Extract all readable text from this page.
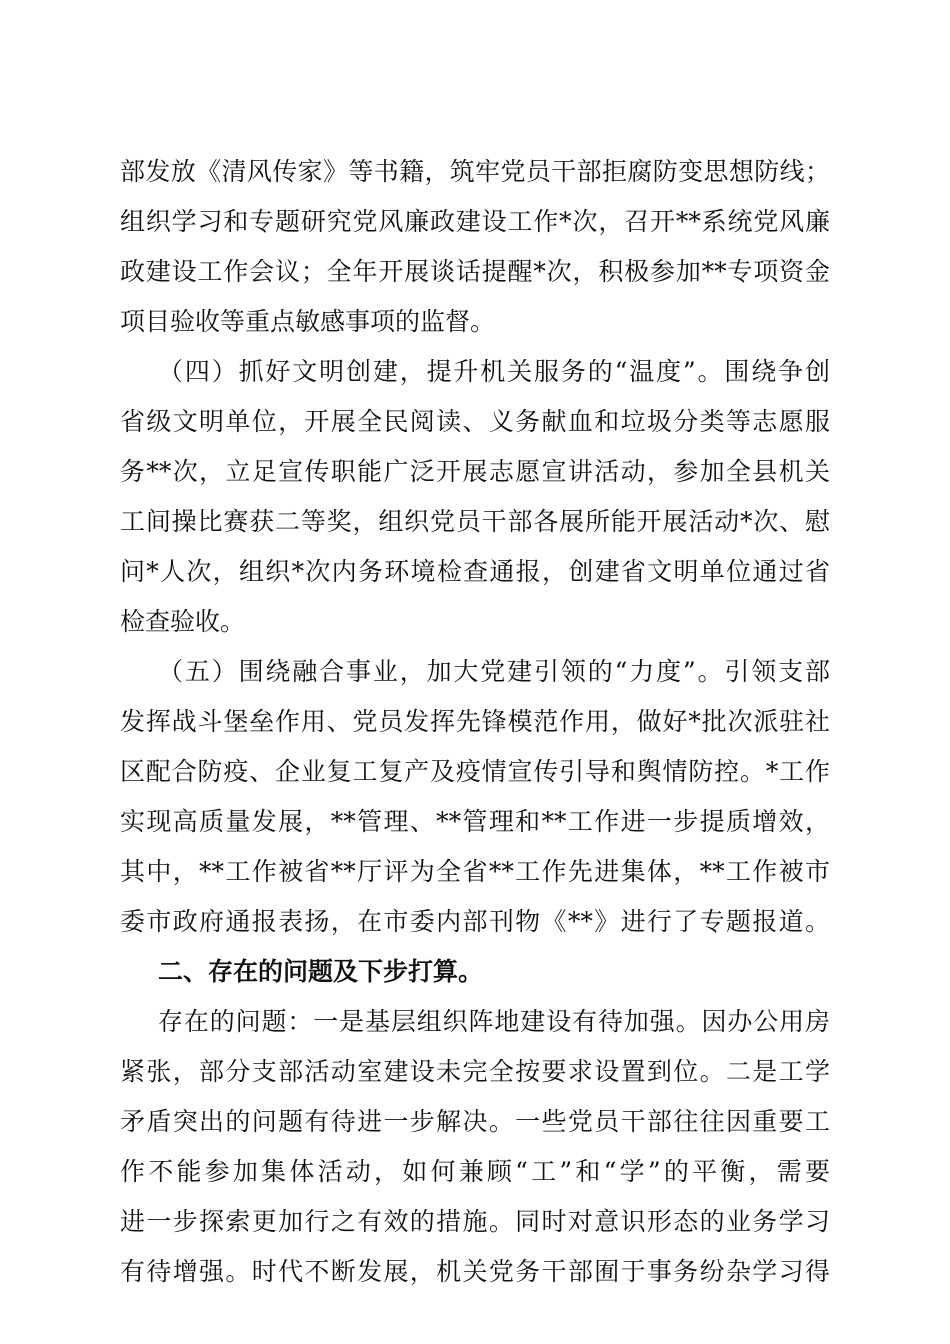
部发放《清风传家》等书籍，筑牢党员干部拒腐防变思想防线；
组织学习和专题研究党风廉政建设工作*次，召开**系统党风廉
政建设工作会议；全年开展谈话提醒*次，积极参加**专项资金
项目验收等重点敏感事项的监督。
（四）抓好文明创建，提升机关服务的“温度”。围绕争创
省级文明单位，开展全民阅读、义务献血和垃圾分类等志愿服
务**次，立足宣传职能广泛开展志愿宣讲活动，参加全县机关
工间操比赛获二等奖，组织党员干部各展所能开展活动*次、慰
问*人次，组织*次内务环境检查通报，创建省文明单位通过省
检查验收。
（五）围绕融合事业，加大党建引领的“力度”。引领支部
发挥战斗堡垒作用、党员发挥先锋模范作用，做好*批次派驻社
区配合防疫、企业复工复产及疫情宣传引导和舆情防控。*工作
实现高质量发展，**管理、**管理和**工作进一步提质增效，
其中，**工作被省**厅评为全省**工作先进集体，**工作被市
委市政府通报表扬，在市委内部刊物《**》进行了专题报道。
二、存在的问题及下步打算。
存在的问题：一是基层组织阵地建设有待加强。因办公用房
紧张，部分支部活动室建设未完全按要求设置到位。二是工学
矛盾突出的问题有待进一步解决。一些党员干部往往因重要工
作不能参加集体活动，如何兼顾“工”和“学”的平衡，需要
进一步探索更加行之有效的措施。同时对意识形态的业务学习
有待增强。时代不断发展，机关党务干部囿于事务纷杂学习得
